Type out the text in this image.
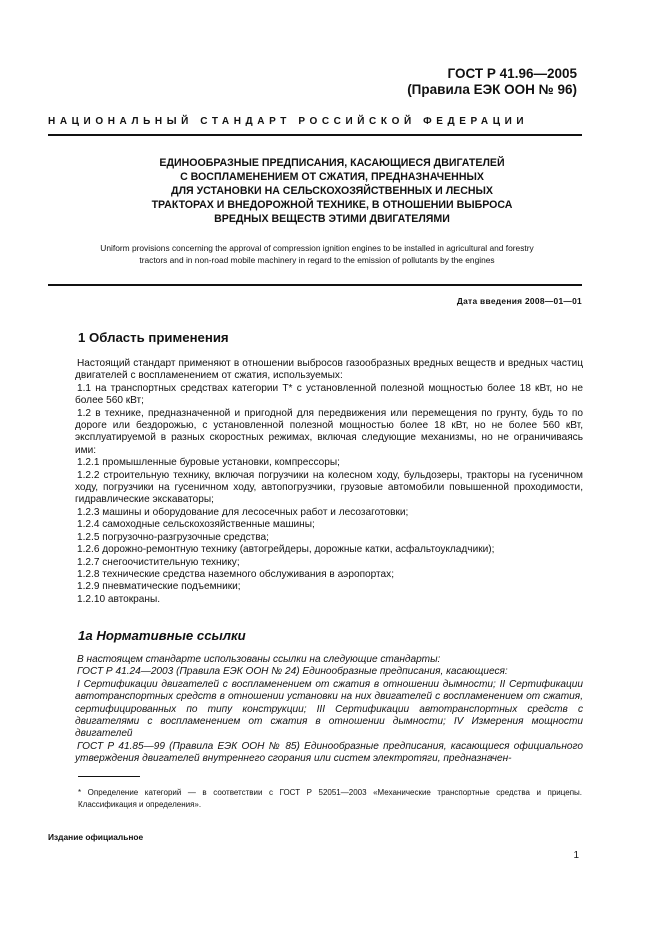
ГОСТ Р 41.96—2005
(Правила ЕЭК ООН № 96)
НАЦИОНАЛЬНЫЙ СТАНДАРТ РОССИЙСКОЙ ФЕДЕРАЦИИ
ЕДИНООБРАЗНЫЕ ПРЕДПИСАНИЯ, КАСАЮЩИЕСЯ ДВИГАТЕЛЕЙ
С ВОСПЛАМЕНЕНИЕМ ОТ СЖАТИЯ, ПРЕДНАЗНАЧЕННЫХ
ДЛЯ УСТАНОВКИ НА СЕЛЬСКОХОЗЯЙСТВЕННЫХ И ЛЕСНЫХ
ТРАКТОРАХ И ВНЕДОРОЖНОЙ ТЕХНИКЕ, В ОТНОШЕНИИ ВЫБРОСА
ВРЕДНЫХ ВЕЩЕСТВ ЭТИМИ ДВИГАТЕЛЯМИ
Uniform provisions concerning the approval of compression ignition engines to be installed in agricultural and forestry
tractors and in non-road mobile machinery in regard to the emission of pollutants by the engines
Дата введения 2008—01—01
1 Область применения

Настоящий стандарт применяют в отношении выбросов газообразных вредных веществ и вредных частиц двигателей с воспламенением от сжатия, используемых:

1.1 на транспортных средствах категории Т* с установленной полезной мощностью более 18 кВт, но не более 560 кВт;

1.2 в технике, предназначенной и пригодной для передвижения или перемещения по грунту, будь то по дороге или бездорожью, с установленной полезной мощностью более 18 кВт, но не более 560 кВт, эксплуатируемой в разных скоростных режимах, включая следующие механизмы, но не ограничиваясь ими:

1.2.1 промышленные буровые установки, компрессоры;

1.2.2 строительную технику, включая погрузчики на колесном ходу, бульдозеры, тракторы на гусеничном ходу, погрузчики на гусеничном ходу, автопогрузчики, грузовые автомобили повышенной проходимости, гидравлические экскаваторы;

1.2.3 машины и оборудование для лесосечных работ и лесозаготовки;

1.2.4 самоходные сельскохозяйственные машины;

1.2.5 погрузочно-разгрузочные средства;

1.2.6 дорожно-ремонтную технику (автогрейдеры, дорожные катки, асфальтоукладчики);

1.2.7 снегоочистительную технику;

1.2.8 технические средства наземного обслуживания в аэропортах;

1.2.9 пневматические подъемники;

1.2.10 автокраны.

1а Нормативные ссылки

В настоящем стандарте использованы ссылки на следующие стандарты:

ГОСТ Р 41.24—2003 (Правила ЕЭК ООН № 24) Единообразные предписания, касающиеся:

I Сертификации двигателей с воспламенением от сжатия в отношении дымности; II Сертификации автотранспортных средств в отношении установки на них двигателей с воспламенением от сжатия, сертифицированных по типу конструкции; III Сертификации автотранспортных средств с двигателями с воспламенением от сжатия в отношении дымности; IV Измерения мощности двигателей

ГОСТ Р 41.85—99 (Правила ЕЭК ООН № 85) Единообразные предписания, касающиеся официального утверждения двигателей внутреннего сгорания или систем электротяги, предназначен-

* Определение категорий — в соответствии с ГОСТ Р 52051—2003 «Механические транспортные средства и прицепы. Классификация и определения».
Издание официальное
1
